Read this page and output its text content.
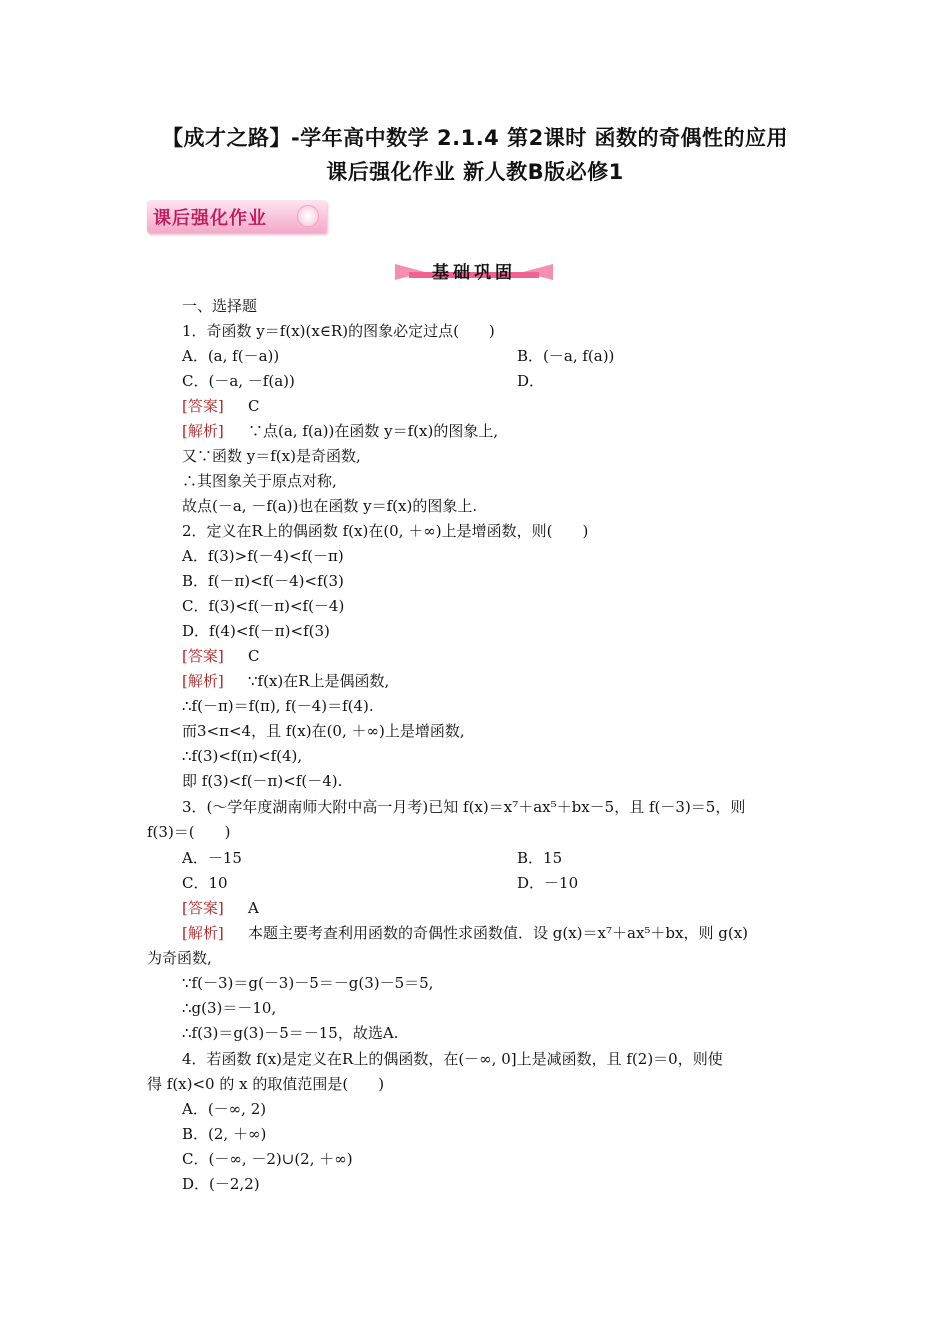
【成才之路】-学年高中数学 2.1.4 第2课时 函数的奇偶性的应用
课后强化作业 新人教B版必修1
课后强化作业
基础巩固
一、选择题
1．奇函数 y＝f(x)(x∈R)的图象必定过点(　　)
A．(a, f(－a))	B．(－a, f(a))
C．(－a, －f(a))	D．
[答案] C
[解析] ∵点(a, f(a))在函数 y＝f(x)的图象上,
又∵函数 y＝f(x)是奇函数,
∴其图象关于原点对称,
故点(－a, －f(a))也在函数 y＝f(x)的图象上.
2．定义在R上的偶函数 f(x)在(0, ＋∞)上是增函数，则(　　)
A．f(3)>f(－4)<f(－π)
B．f(－π)<f(－4)<f(3)
C．f(3)<f(－π)<f(－4)
D．f(4)<f(－π)<f(3)
[答案] C
[解析] ∵f(x)在R上是偶函数,
∴f(－π)＝f(π), f(－4)＝f(4).
而3<π<4，且 f(x)在(0, ＋∞)上是增函数,
∴f(3)<f(π)<f(4),
即 f(3)<f(－π)<f(－4).
3．(～学年度湖南师大附中高一月考)已知 f(x)＝x⁷＋ax⁵＋bx－5，且 f(－3)＝5，则
f(3)＝(　　)
A．－15	B．15
C．10	D．－10
[答案] A
[解析] 本题主要考查利用函数的奇偶性求函数值．设 g(x)＝x⁷＋ax⁵＋bx，则 g(x)
为奇函数,
∵f(－3)＝g(－3)－5＝－g(3)－5＝5,
∴g(3)＝－10,
∴f(3)＝g(3)－5＝－15，故选A.
4．若函数 f(x)是定义在R上的偶函数，在(－∞, 0]上是减函数，且 f(2)＝0，则使
得 f(x)<0 的 x 的取值范围是(　　)
A．(－∞, 2)
B．(2, ＋∞)
C．(－∞, －2)∪(2, ＋∞)
D．(－2,2)
